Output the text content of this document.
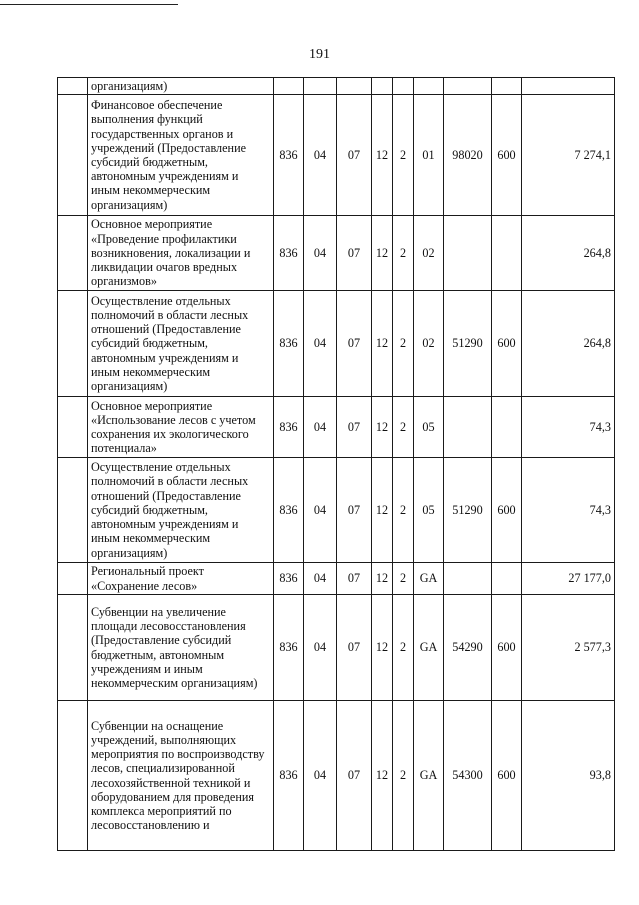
191
	организациям)									
	Финансовое обеспечение выполнения функций государственных органов и учреждений (Предоставление субсидий бюджетным, автономным учреждениям и иным некоммерческим организациям)	836	04	07	12	2	01	98020	600	7 274,1
	Основное мероприятие «Проведение профилактики возникновения, локализации и ликвидации очагов вредных организмов»	836	04	07	12	2	02			264,8
	Осуществление отдельных полномочий в области лесных отношений (Предоставление субсидий бюджетным, автономным учреждениям и иным некоммерческим организациям)	836	04	07	12	2	02	51290	600	264,8
	Основное мероприятие «Использование лесов с учетом сохранения их экологического потенциала»	836	04	07	12	2	05			74,3
	Осуществление отдельных полномочий в области лесных отношений (Предоставление субсидий бюджетным, автономным учреждениям и иным некоммерческим организациям)	836	04	07	12	2	05	51290	600	74,3
	Региональный проект «Сохранение лесов»	836	04	07	12	2	GA			27 177,0
	Субвенции на увеличение площади лесовосстановления (Предоставление субсидий бюджетным, автономным учреждениям и иным некоммерческим организациям)	836	04	07	12	2	GA	54290	600	2 577,3
	Субвенции на оснащение учреждений, выполняющих мероприятия по воспроизводству лесов, специализированной лесохозяйственной техникой и оборудованием для проведения комплекса мероприятий по лесовосстановлению и	836	04	07	12	2	GA	54300	600	93,8
